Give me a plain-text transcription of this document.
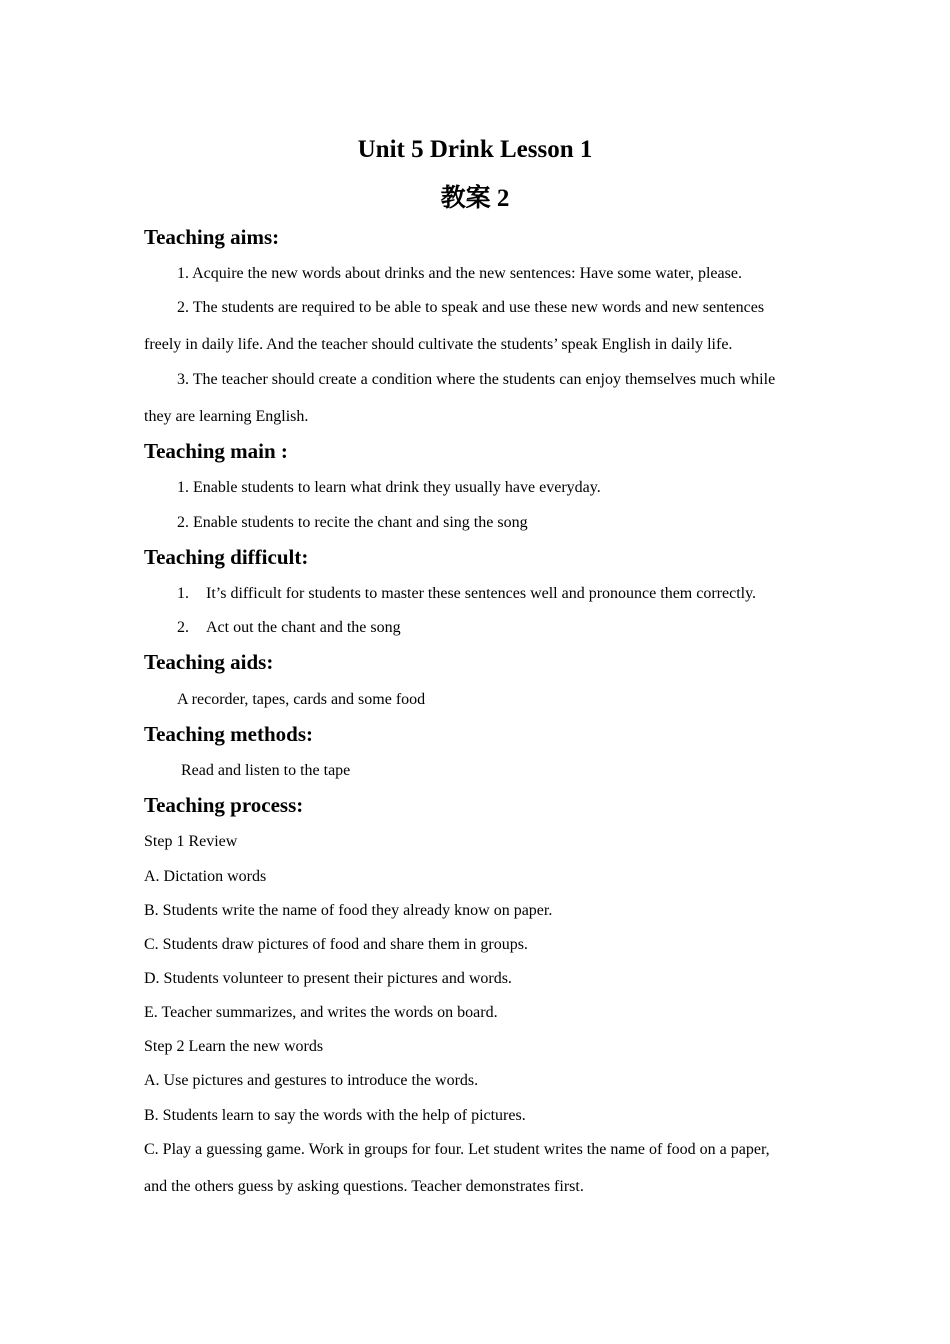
Unit 5 Drink Lesson 1
教案 2
Teaching aims:

1. Acquire the new words about drinks and the new sentences: Have some water, please.

2. The students are required to be able to speak and use these new words and new sentences

freely in daily life. And the teacher should cultivate the students’ speak English in daily life.

3. The teacher should create a condition where the students can enjoy themselves much while

they are learning English.

Teaching main :

1. Enable students to learn what drink they usually have everyday.

2. Enable students to recite the chant and sing the song

Teaching difficult:
1. It’s difficult for students to master these sentences well and pronounce them correctly.
2. Act out the chant and the song
Teaching aids:

A recorder, tapes, cards and some food

Teaching methods:

Read and listen to the tape

Teaching process:

Step 1 Review

A. Dictation words

B. Students write the name of food they already know on paper.

C. Students draw pictures of food and share them in groups.

D. Students volunteer to present their pictures and words.

E. Teacher summarizes, and writes the words on board.

Step 2 Learn the new words

A. Use pictures and gestures to introduce the words.

B. Students learn to say the words with the help of pictures.

C. Play a guessing game. Work in groups for four. Let student writes the name of food on a paper,

and the others guess by asking questions. Teacher demonstrates first.
